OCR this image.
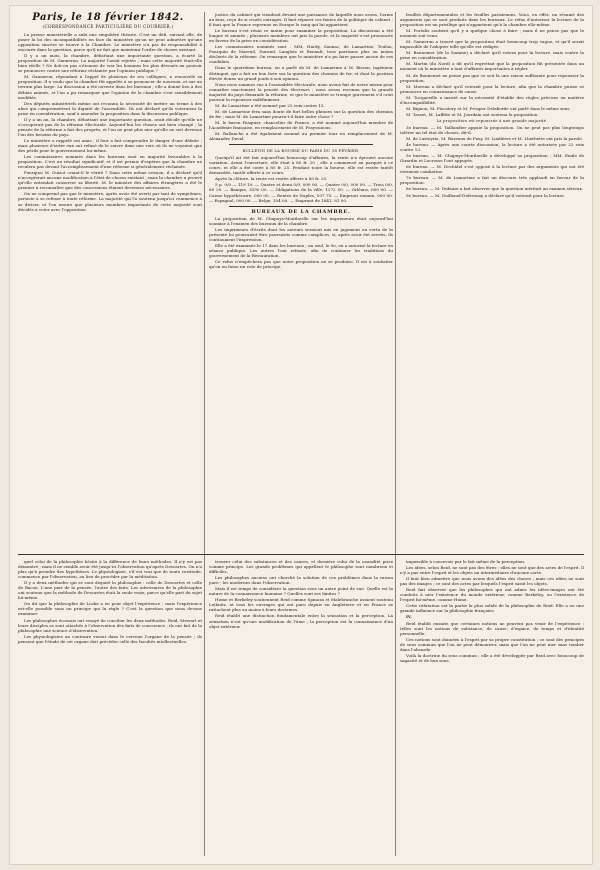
Paris, le 18 février 1842.
(CORRESPONDANCE PARTICULIÈRE DU COURRIER.)

La presse ministérielle a subi une singulière théorie. C'est un défi, suivant elle, de poser la loi des incompatibilités en face du ministère qu'on ne peut admettre qu'une opposition sincère se trouve à la Chambre. Le ministère n'a pas de responsabilité à encourir dans la question, parce qu'il ne fait que maintenir l'ordre de choses existant.

Il y a un mois, la chambre, débattant une importante question, a écarté la proposition de M. Ganneron. La majorité l'avait rejetée ; mais cette majorité était-elle bien réelle ? Ne doit-on pas s'étonner de voir les hommes les plus dévoués au pouvoir se prononcer contre une réforme réclamée par l'opinion publique ?

M. Ganneron, répondant à l'appel de plusieurs de ses collègues, a renouvelé sa proposition. Il a voulu que la chambre fût appelée à se prononcer de nouveau, et sur un terrain plus large. La discussion a été ouverte dans les bureaux ; elle a donné lieu à des débats animés, et l'on a pu remarquer que l'opinion de la chambre s'est sensiblement modifiée.

Des députés ministériels même ont reconnu la nécessité de mettre un terme à des abus qui compromettent la dignité de l'assemblée. Ils ont déclaré qu'ils voteraient la prise en considération, sauf à amender la proposition dans la discussion publique.

Il y a un an, la chambre, débattant une importante question, avait décidé qu'elle ne s'occuperait pas de la réforme électorale. Aujourd'hui les choses ont bien changé ; la pensée de la réforme a fait des progrès, et l'on ne peut plus nier qu'elle ne soit devenue l'un des besoins du pays.

Le ministère a rappelé ses amis ; il leur a fait comprendre le danger d'une défaite ; mais plusieurs d'entre eux ont refusé de le suivre dans une voie où ils ne voyaient que des périls pour le gouvernement lui-même.

Les commissaires nommés dans les bureaux sont en majorité favorables à la proposition. C'est un résultat significatif, et il est permis d'espérer que la chambre ne reculera pas devant l'accomplissement d'une réforme si généralement réclamée.

Pourquoi M. Guizot craint-il le vérité ? Dans cette même session, il a déclaré qu'il n'accepterait aucune modification à l'état de choses existant ; mais la chambre a prouvé qu'elle entendait conserver sa liberté. M. le ministre des affaires étrangères a été le premier à reconnaître que des concessions étaient devenues nécessaires.

On ne comprend pas que le ministère, après avoir été averti par tant de symptômes, persiste à se refuser à toute réforme. La majorité qui l'a soutenu jusqu'ici commence à se diviser, et l'on assure que plusieurs membres importants de cette majorité sont décidés à voter avec l'opposition.

justice du cabinet qui viendrait devant une puissance de laquelle nous avons, l'arme au bras, reçu de si cruels outrages. Il faut réparer ces fautes de la politique du cabinet ; il faut que la France reprenne en Europe le rang qui lui appartient.

Le bureau s'est réuni ce matin pour examiner la proposition. La discussion a été longue et animée ; plusieurs membres ont pris la parole, et la majorité s'est prononcée en faveur de la prise en considération.

Les commissaires nommés sont : MM. Hardy, Saunac, de Lamartine, Teulon, Pourquin de Mareuil, Durand, Langlois et Renault, tous partisans plus ou moins déclarés de la réforme. On remarque que le ministère n'a pu faire passer aucun de ses candidats.

Dans le quatrième bureau, on a parlé de M. de Lamartine à M. Bisson, ingénieur distingué, qui a fait un bon livre sur la question des chemins de fer, et dont la position élevée donne un grand poids à son opinion.

Nous nous sommes vus à l'assemblée électorale, nous avons fait de notre mieux pour connaître exactement la pensée des électeurs ; nous avons reconnu que la grande majorité du pays demande la réforme, et que le ministère se trompe gravement s'il croit pouvoir la repousser indéfiniment.

M. de Lamartine a été nommé par 22 voix contre 15.

M. de Lamartine fera sans doute de fort belles phrases sur la question des chemins de fer ; mais M. de Lamartine pourra-t-il faire autre chose ?

M. le baron Pasquier, chancelier de France, a été nommé aujourd'hui membre de l'Académie française, en remplacement de M. Frayssinous.

M. Ballanche a été également nommé au premier tour en remplacement de M. Alexandre Duval.

BULLETIN DE LA BOURSE DU PARIS DU 18 FÉVRIER.

Quoiqu'il ait été fait aujourd'hui beaucoup d'affaires, la rente n'a éprouvé aucune variation. Avant l'ouverture, elle était à 80 fr. 20 ; elle a commencé au parquet à ce cours, et elle a été cotée à 80 fr. 25. Pendant toute la bourse, elle est restée tantôt demandée, tantôt offerte à ce cours.

Après la clôture, la rente est restée offerte à 80 fr. 25.

5 p. 0/0 — 119 10. — Quatre et demi 0/0, 000 00. — Quatre 0/0, 000 00. — Trois 0/0, 80 20. — Banque, 3390 00. — Obligations de la ville, 1272 50. — Orléans, 000 00. — Caisse hypothécaire, 000 00. — Rentes de Naples, 107 75. — Emprunt romain, 000 00. — Espagnol, 000 00. — Belge, 104 00. — Emprunt de 1841, 81 00.

BUREAUX DE LA CHAMBRE.

La proposition de M. Chapuys-Montlaville sur les imprimeurs était aujourd'hui soumise à l'examen des bureaux de la chambre.

Les imprimeurs d'écrits dont les auteurs seraient mis en jugement en vertu de la présente loi pourraient être poursuivis comme complices, si, après avoir été avertis, ils continuaient l'impression.

Elle a été examinée le 17 dans les bureaux ; un seul, le 9e, en a autorisé la lecture en séance publique. Les autres l'ont refusée, afin de continuer les traditions du gouvernement de la Restauration.

Ce refus n'empêchera pas que notre proposition ne se produise. Il est à souhaiter qu'on en fasse un vote de principe.

feuilles départementales et les feuilles parisiennes. Voici, en effet, un résumé des arguments qui se sont produits dans les bureaux. Le refus d'autoriser la lecture de la proposition est un privilège qui n'appartient qu'à la chambre elle-même.

M. Portalis soutient qu'il y a quelque chose à faire ; mais il ne pense pas que le moment soit venu.

M. Ganneron a trouvé que la proposition était beaucoup trop vague, et qu'il serait impossible de l'adopter telle qu'elle est rédigée.

M. Bonnemet (de la Somme) a déclaré qu'il votera pour la lecture, mais contre la prise en considération.

M. Martin (du Nord) a dit qu'il regrettait que la proposition fût présentée dans un moment où le ministère a tant d'affaires importantes à régler.

M. de Bonnemet ne pense pas que ce soit là une raison suffisante pour repousser la proposition.

M. Moreau a déclaré qu'il voterait pour la lecture, afin que la chambre puisse se prononcer en connaissance de cause.

M. Tocqueville a insisté sur la nécessité d'établir des règles précises en matière d'incompatibilité.

M. Bignon, M. Piscatory et M. Prosper Delaborde ont parlé dans le même sens.

M. Tasset, M. Laffitte et M. Jourdain ont soutenu la proposition.

La proposition est repoussée à une grande majorité.

3e bureau. — M. Taillandier appuie la proposition. On ne peut pas plus longtemps tolérer un tel état de choses, dit-il.

M. de Lasteyrie, M. Bureaux de Pusy, M. Liadières et M. Lherbette ont pris la parole.

4e bureau. — Après une courte discussion, la lecture a été autorisée par 22 voix contre 13.

5e bureau. — M. Chapuys-Montlaville a développé sa proposition ; MM. Emile de Girardin et Lacrosse l'ont appuyée.

6e bureau. — M. Dechâtel s'est opposé à la lecture par des arguments qui ont été vivement combattus.

7e bureau. — M. de Lamartine a fait un discours très applaudi en faveur de la proposition.

8e bureau. — M. Dufaure a fait observer que la question méritait un examen sérieux.

9e bureau. — M. Guilbaud-Dufresnay a déclaré qu'il voterait pour la lecture.

quel celui de la philosophie hésite à la différence de leurs méthodes. Il n'y est pas démontré ; mais il ne semble avoir été jusqu'ici l'observation qu'après Descartes. On n'a plus qu'à prendre des hypothèses. Le physiologiste, s'il est vrai que de toute certitude, commence par l'observation, au lieu de procéder par la méditation.

Il y a deux méthodes qui se sont disputé la philosophie : celle de Descartes et celle de Bacon. L'une part de la pensée, l'autre des faits. Les adversaires de la philosophie ont soutenu que la méthode de Descartes était la seule vraie, parce qu'elle part du sujet lui-même.

On dit que la philosophie de Locke a eu pour objet l'expérience ; mais l'expérience est-elle possible sans un principe qui la règle ? C'est la question que nous devons examiner.

Les philosophes écossais ont essayé de concilier les deux méthodes. Reid, Stewart et leurs disciples se sont attachés à l'observation des faits de conscience ; ils ont fait de la philosophie une science d'observation.

Les physiologistes au contraire voient dans le cerveau l'organe de la pensée ; ils pensent que l'étude de cet organe doit précéder celle des facultés intellectuelles.

trouver celui des substances et des causes, et dernière celui de la causalité prise comme principe. Les grands problèmes qui appellent le philosophe sont nombreux et difficiles.

Les philosophes anciens ont cherché la solution de ces problèmes dans la raison pure ; les modernes dans l'observation.

Mais il est temps de considérer la question sous un autre point de vue. Quelle est la nature de la connaissance humaine ? Quelles sont ses limites ?

Hume et Berkeley soutiennent Reid comme Spinoza et Malebranche avaient soutenu Leibnitz, et tous les ouvrages qui ont paru depuis en Angleterre et en France se rattachent plus ou moins à leurs doctrines.

Reid établit une distinction fondamentale entre la sensation et la perception. La sensation n'est qu'une modification de l'âme ; la perception est la connaissance d'un objet extérieur.

impossible à concevoir par le fait même de la perception.

Les idées, selon Reid, ne sont pas des êtres ; elles ne sont que des actes de l'esprit. Il n'y a pas entre l'esprit et les objets un intermédiaire d'aucune sorte.

Il faut bien admettre que nous avons des idées des choses ; mais ces idées ne sont pas des images ; ce sont des actes par lesquels l'esprit saisit les objets.

Reid fait observer que les philosophes qui ont admis les idées-images ont été conduits à nier l'existence du monde extérieur, comme Berkeley, ou l'existence de l'esprit lui-même, comme Hume.

Cette réfutation est la partie la plus solide de la philosophie de Reid. Elle a eu une grande influence sur la philosophie française.

IV.

Reid établit ensuite que certaines notions ne peuvent pas venir de l'expérience : telles sont les notions de substance, de cause, d'espace, de temps et d'identité personnelle.

Ces notions sont données à l'esprit par sa propre constitution ; ce sont des principes de sens commun que l'on ne peut démontrer, mais que l'on ne peut nier sans tomber dans l'absurde.

Voilà la doctrine du sens commun ; elle a été développée par Reid avec beaucoup de sagacité et de bon sens.
